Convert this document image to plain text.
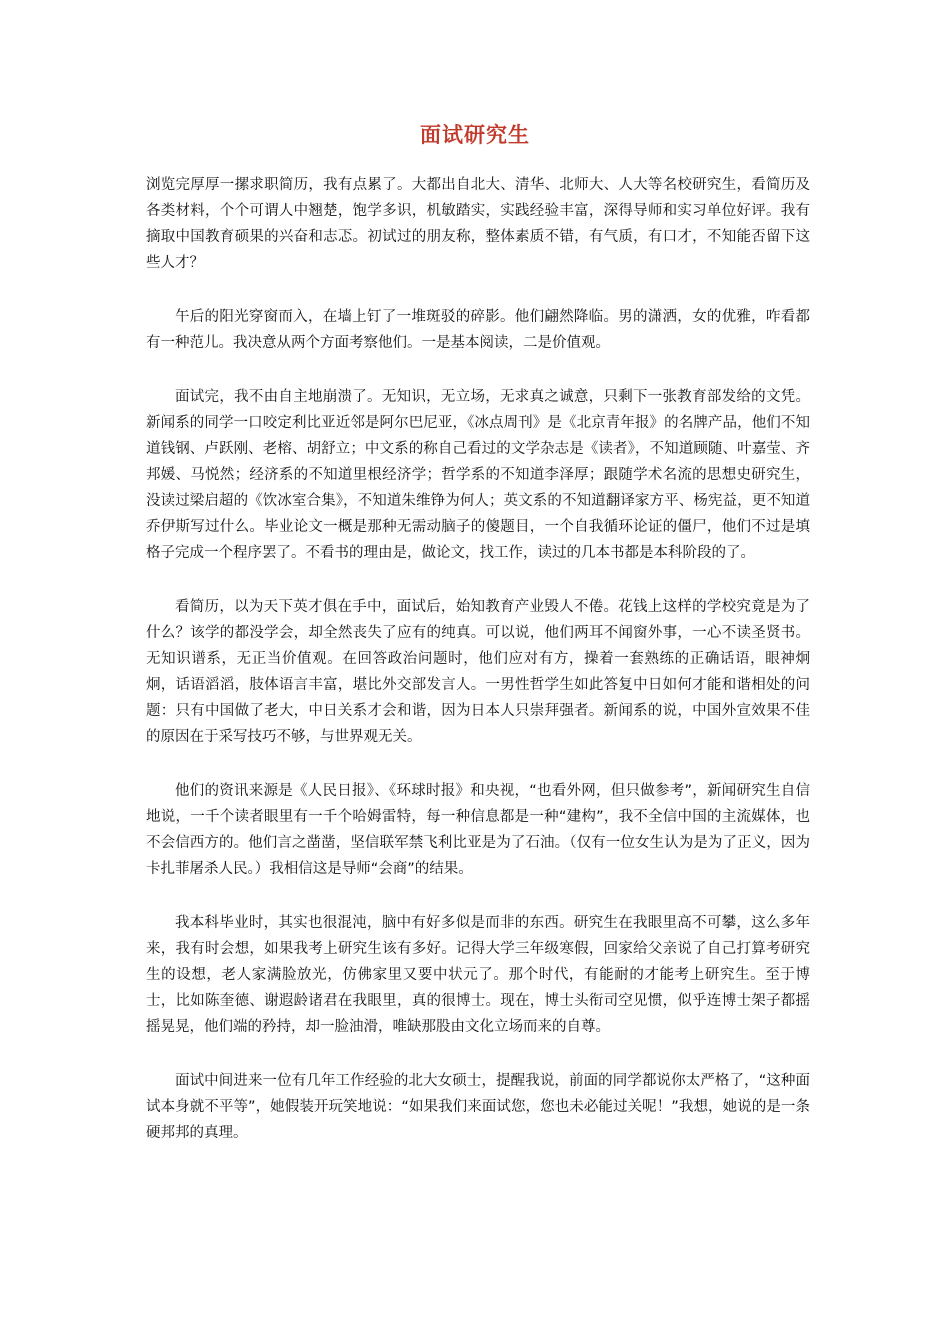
面试研究生

浏览完厚厚一摞求职简历，我有点累了。大都出自北大、清华、北师大、人大等名校研究生，看简历及各类材料，个个可谓人中翘楚，饱学多识，机敏踏实，实践经验丰富，深得导师和实习单位好评。我有摘取中国教育硕果的兴奋和志忑。初试过的朋友称，整体素质不错，有气质，有口才，不知能否留下这些人才？

午后的阳光穿窗而入，在墙上钉了一堆斑驳的碎影。他们翩然降临。男的潇洒，女的优雅，咋看都有一种范儿。我决意从两个方面考察他们。一是基本阅读，二是价值观。

面试完，我不由自主地崩溃了。无知识，无立场，无求真之诚意，只剩下一张教育部发给的文凭。新闻系的同学一口咬定利比亚近邻是阿尔巴尼亚，《冰点周刊》是《北京青年报》的名牌产品，他们不知道钱钢、卢跃刚、老榕、胡舒立；中文系的称自己看过的文学杂志是《读者》，不知道顾随、叶嘉莹、齐邦媛、马悦然；经济系的不知道里根经济学；哲学系的不知道李泽厚；跟随学术名流的思想史研究生，没读过梁启超的《饮冰室合集》，不知道朱维铮为何人；英文系的不知道翻译家方平、杨宪益，更不知道乔伊斯写过什么。毕业论文一概是那种无需动脑子的傻题目，一个自我循环论证的僵尸，他们不过是填格子完成一个程序罢了。不看书的理由是，做论文，找工作，读过的几本书都是本科阶段的了。

看简历，以为天下英才俱在手中，面试后，始知教育产业毁人不倦。花钱上这样的学校究竟是为了什么？该学的都没学会，却全然丧失了应有的纯真。可以说，他们两耳不闻窗外事，一心不读圣贤书。无知识谱系，无正当价值观。在回答政治问题时，他们应对有方，操着一套熟练的正确话语，眼神炯炯，话语滔滔，肢体语言丰富，堪比外交部发言人。一男性哲学生如此答复中日如何才能和谐相处的问题：只有中国做了老大，中日关系才会和谐，因为日本人只崇拜强者。新闻系的说，中国外宣效果不佳的原因在于采写技巧不够，与世界观无关。

他们的资讯来源是《人民日报》、《环球时报》和央视，“也看外网，但只做参考”，新闻研究生自信地说，一千个读者眼里有一千个哈姆雷特，每一种信息都是一种“建构”，我不全信中国的主流媒体，也不会信西方的。他们言之凿凿，坚信联军禁飞利比亚是为了石油。（仅有一位女生认为是为了正义，因为卡扎菲屠杀人民。）我相信这是导师“会商”的结果。

我本科毕业时，其实也很混沌，脑中有好多似是而非的东西。研究生在我眼里高不可攀，这么多年来，我有时会想，如果我考上研究生该有多好。记得大学三年级寒假，回家给父亲说了自己打算考研究生的设想，老人家满脸放光，仿佛家里又要中状元了。那个时代，有能耐的才能考上研究生。至于博士，比如陈奎德、谢遐龄诸君在我眼里，真的很博士。现在，博士头衔司空见惯，似乎连博士架子都摇摇晃晃，他们端的矜持，却一脸油滑，唯缺那股由文化立场而来的自尊。

面试中间进来一位有几年工作经验的北大女硕士，提醒我说，前面的同学都说你太严格了，“这种面试本身就不平等”，她假装开玩笑地说：“如果我们来面试您，您也未必能过关呢！”我想，她说的是一条硬邦邦的真理。
